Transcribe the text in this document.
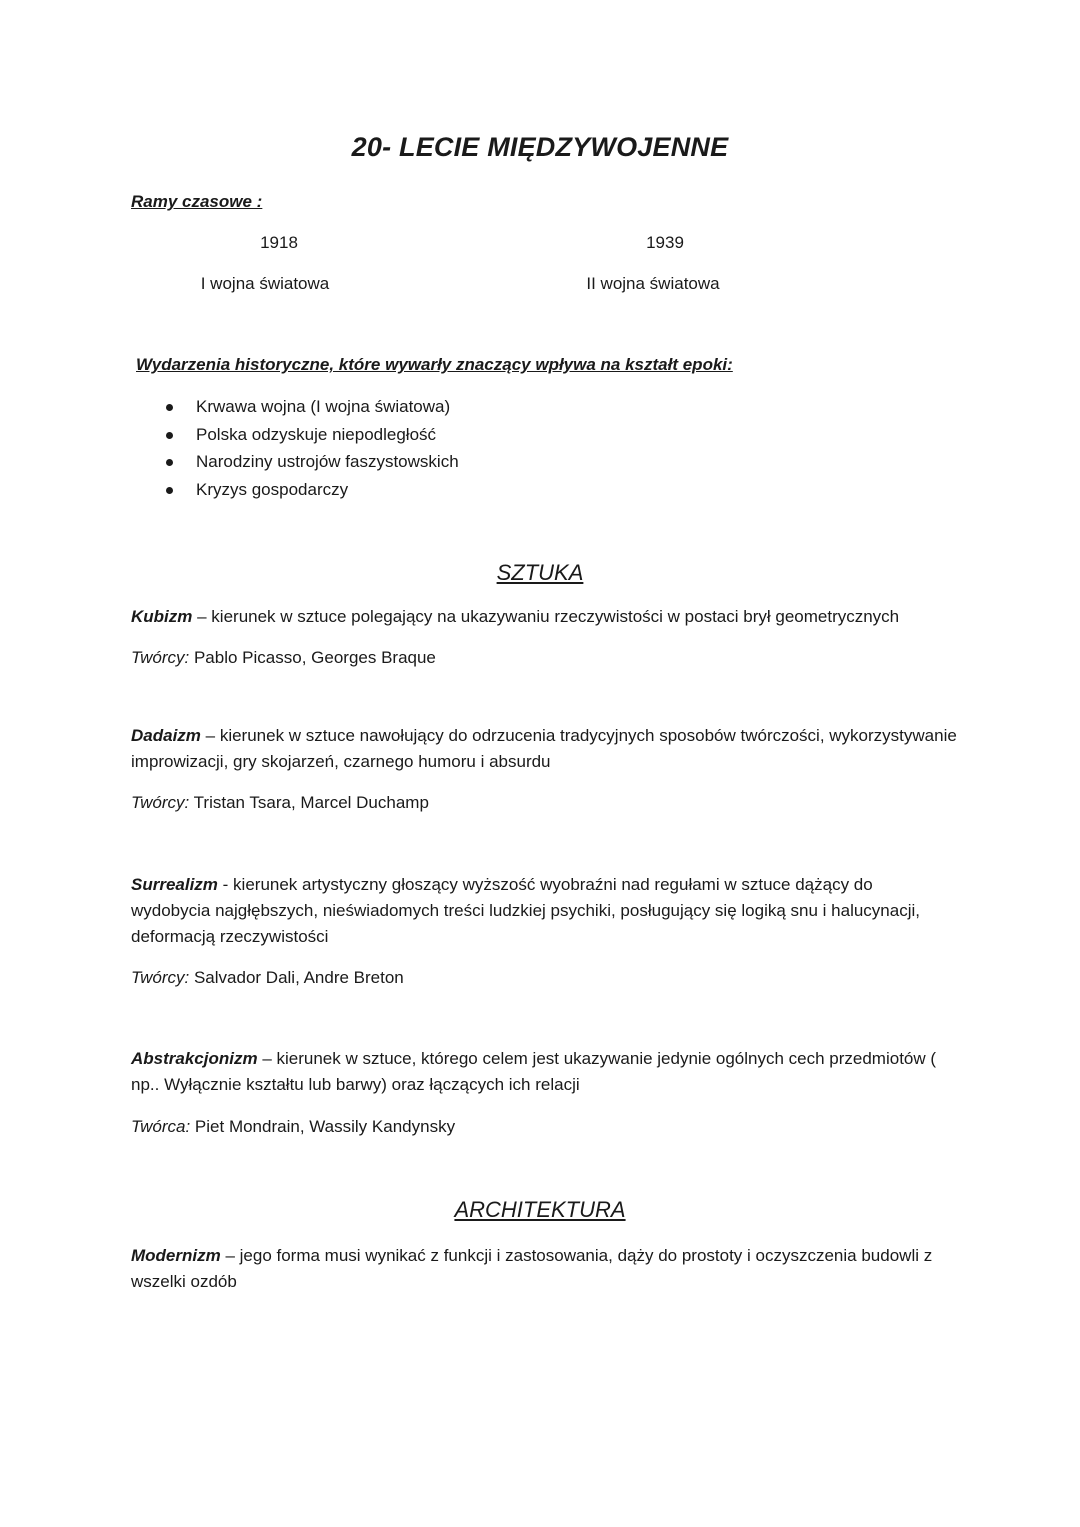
20- LECIE MIĘDZYWOJENNE
Ramy czasowe :
1918	1939
I wojna światowa	II wojna światowa
Wydarzenia historyczne, które wywarły znaczący wpływa na kształt epoki:
Krwawa wojna (I wojna światowa)
Polska odzyskuje niepodległość
Narodziny ustrojów faszystowskich
Kryzys gospodarczy
SZTUKA
Kubizm – kierunek w sztuce polegający na ukazywaniu rzeczywistości w postaci brył geometrycznych
Twórcy: Pablo Picasso, Georges Braque
Dadaizm – kierunek w sztuce nawołujący do odrzucenia tradycyjnych sposobów twórczości, wykorzystywanie improwizacji, gry skojarzeń, czarnego humoru i absurdu
Twórcy: Tristan Tsara, Marcel Duchamp
Surrealizm - kierunek artystyczny głoszący wyższość wyobraźni nad regułami w sztuce dążący do wydobycia najgłębszych, nieświadomych treści ludzkiej psychiki, posługujący się logiką snu i halucynacji, deformacją rzeczywistości
Twórcy: Salvador Dali, Andre Breton
Abstrakcjonizm – kierunek w sztuce, którego celem jest ukazywanie jedynie ogólnych cech przedmiotów ( np.. Wyłącznie kształtu lub barwy) oraz łączących ich relacji
Twórca: Piet Mondrain, Wassily Kandynsky
ARCHITEKTURA
Modernizm – jego forma musi wynikać z funkcji i zastosowania, dąży do prostoty i oczyszczenia budowli z wszelki ozdób
